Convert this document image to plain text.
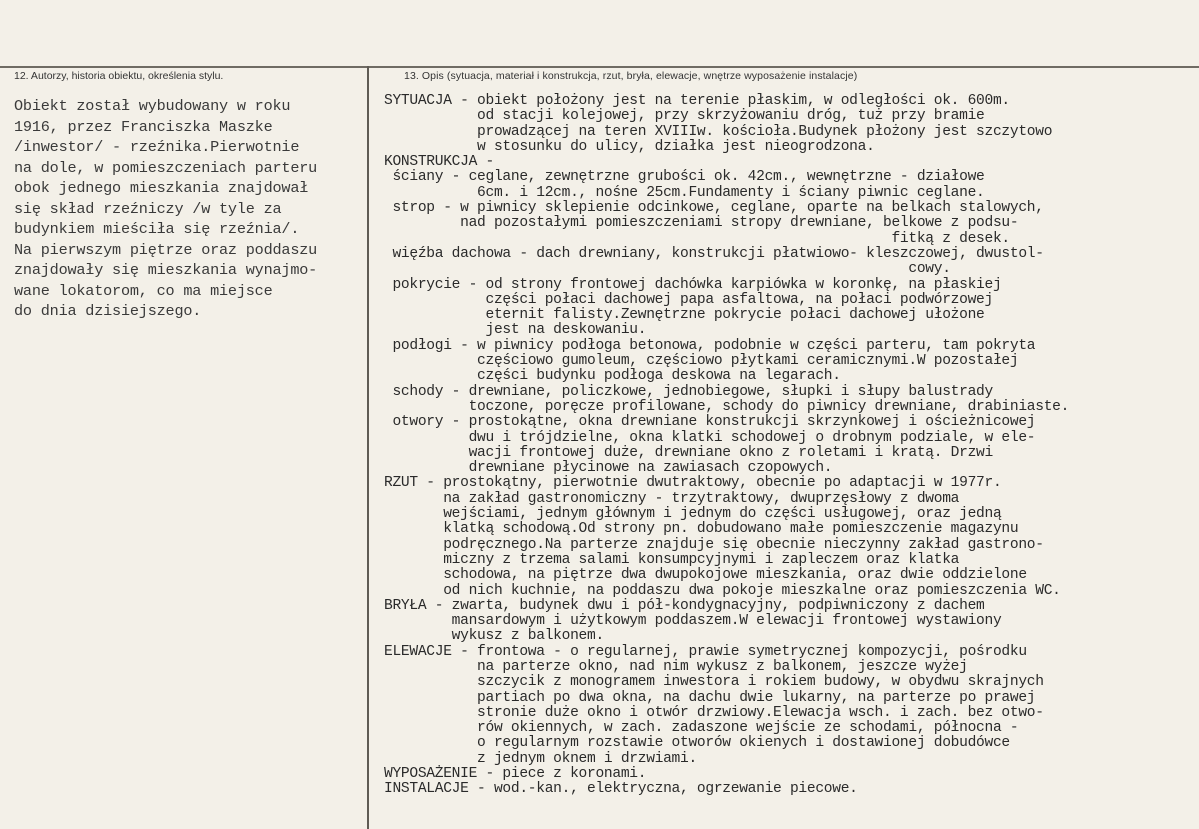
12. Autorzy, historia obiektu, określenia stylu.	13. Opis (sytuacja, materiał i konstrukcja, rzut, bryła, elewacje, wnętrze wyposażenie instalacje)
Obiekt został wybudowany w roku
1916, przez Franciszka Maszke
/inwestor/ - rzeźnika.Pierwotnie
na dole, w pomieszczeniach parteru
obok jednego mieszkania znajdował
się skład rzeźniczy /w tyle za
budynkiem mieściła się rzeźnia/.
Na pierwszym piętrze oraz poddaszu
znajdowały się mieszkania wynajmo-
wane lokatorom, co ma miejsce
do dnia dzisiejszego.
SYTUACJA - obiekt położony jest na terenie płaskim, w odległości ok. 600m.
od stacji kolejowej, przy skrzyżowaniu dróg, tuż przy bramie
prowadzącej na teren XVIIIw. kościoła.Budynek płożony jest szczytowo
w stosunku do ulicy, działka jest nieogrodzona.
KONSTRUKCJA -
ściany - ceglane, zewnętrzne grubości ok. 42cm., wewnętrzne - działowe
6cm. i 12cm., nośne 25cm.Fundamenty i ściany piwnic ceglane.
strop - w piwnicy sklepienie odcinkowe, ceglane, oparte na belkach stalowych,
nad pozostałymi pomieszczeniami stropy drewniane, belkowe z podsu-
fitką z desek.
więźba dachowa - dach drewniany, konstrukcji płatwiowo- kleszczowej, dwustol-
cowy.
pokrycie - od strony frontowej dachówka karpiówka w koronkę, na płaskiej
części połaci dachowej papa asfaltowa, na połaci podwórzowej
eternit falisty.Zewnętrzne pokrycie połaci dachowej ułożone
jest na deskowaniu.
podłogi - w piwnicy podłoga betonowa, podobnie w części parteru, tam pokryta
częściowo gumoleum, częściowo płytkami ceramicznymi.W pozostałej
części budynku podłoga deskowa na legarach.
schody - drewniane, policzkowe, jednobiegowe, słupki i słupy balustrady
toczone, poręcze profilowane, schody do piwnicy drewniane, drabiniaste.
otwory - prostokątne, okna drewniane konstrukcji skrzynkowej i ościeżnicowej
dwu i trójdzielne, okna klatki schodowej o drobnym podziale, w ele-
wacji frontowej duże, drewniane okno z roletami i kratą. Drzwi
drewniane płycinowe na zawiasach czopowych.
RZUT - prostokątny, pierwotnie dwutraktowy, obecnie po adaptacji w 1977r.
na zakład gastronomiczny - trzytraktowy, dwuprzęsłowy z dwoma
wejściami, jednym głównym i jednym do części usługowej, oraz jedną
klatką schodową.Od strony pn. dobudowano małe pomieszczenie magazynu
podręcznego.Na parterze znajduje się obecnie nieczynny zakład gastrono-
miczny z trzema salami konsumpcyjnymi i zapleczem oraz klatka
schodowa, na piętrze dwa dwupokojowe mieszkania, oraz dwie oddzielone
od nich kuchnie, na poddaszu dwa pokoje mieszkalne oraz pomieszczenia WC.
BRYŁA - zwarta, budynek dwu i pół-kondygnacyjny, podpiwniczony z dachem
mansardowym i użytkowym poddaszem.W elewacji frontowej wystawiony
wykusz z balkonem.
ELEWACJE - frontowa - o regularnej, prawie symetrycznej kompozycji, pośrodku
na parterze okno, nad nim wykusz z balkonem, jeszcze wyżej
szczycik z monogramem inwestora i rokiem budowy, w obydwu skrajnych
partiach po dwa okna, na dachu dwie lukarny, na parterze po prawej
stronie duże okno i otwór drzwiowy.Elewacja wsch. i zach. bez otwo-
rów okiennych, w zach. zadaszone wejście ze schodami, północna -
o regularnym rozstawie otworów okienych i dostawionej dobudówce
z jednym oknem i drzwiami.
WYPOSAŻENIE - piece z koronami.
INSTALACJE - wod.-kan., elektryczna, ogrzewanie piecowe.
